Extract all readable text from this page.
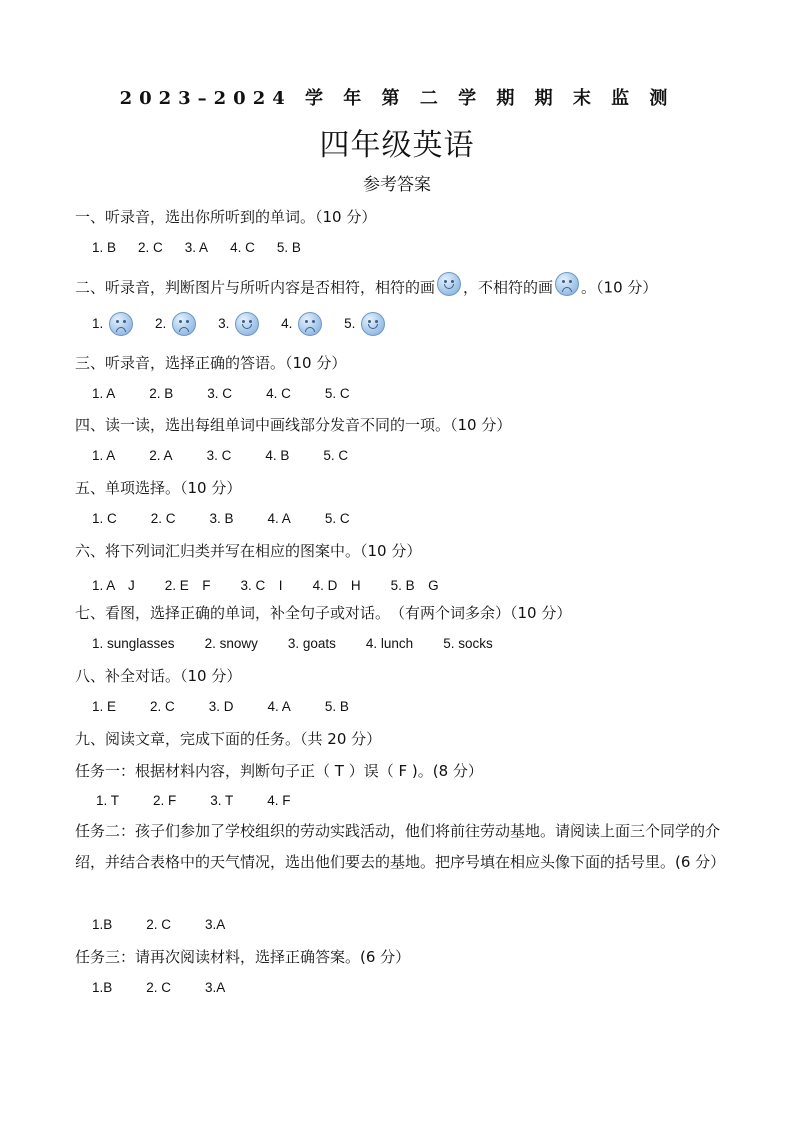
2023–2024 学 年 第 二 学 期 期 末 监 测
四年级英语
参考答案
一、听录音，选出你所听到的单词。（10 分）
1. B 2. C 3. A 4. C 5. B
二、听录音，判断图片与所听内容是否相符，相符的画 ，不相符的画 。（10 分）
1.	2.	3.	4.	5.
三、听录音，选择正确的答语。（10 分）
1. A	2. B	3. C	4. C	5. C
四、读一读，选出每组单词中画线部分发音不同的一项。（10 分）
1. A	2. A	3. C	4. B	5. C
五、单项选择。（10 分）
1. C	2. C	3. B	4. A	5. C
六、将下列词汇归类并写在相应的图案中。（10 分）
1. A　J 2. E　F 3. C　I 4. D　H 5. B　G
七、看图，选择正确的单词，补全句子或对话。　（有两个词多余）（10 分）
1. sunglasses 2. snowy 3. goats 4. lunch 5. socks
八、补全对话。（10 分）
1. E	2. C	3. D	4. A	5. B
九、阅读文章，完成下面的任务。（共 20 分）
任务一：根据材料内容，判断句子正（ T ）误（ F )。(8 分）
1. T	2. F	3. T	4. F
任务二：孩子们参加了学校组织的劳动实践活动，他们将前往劳动基地。请阅读上面三个同学的介绍，并结合表格中的天气情况，选出他们要去的基地。把序号填在相应头像下面的括号里。(6 分）
1.B	2. C	3.A
任务三：请再次阅读材料，选择正确答案。(6 分）
1.B	2. C	3.A
